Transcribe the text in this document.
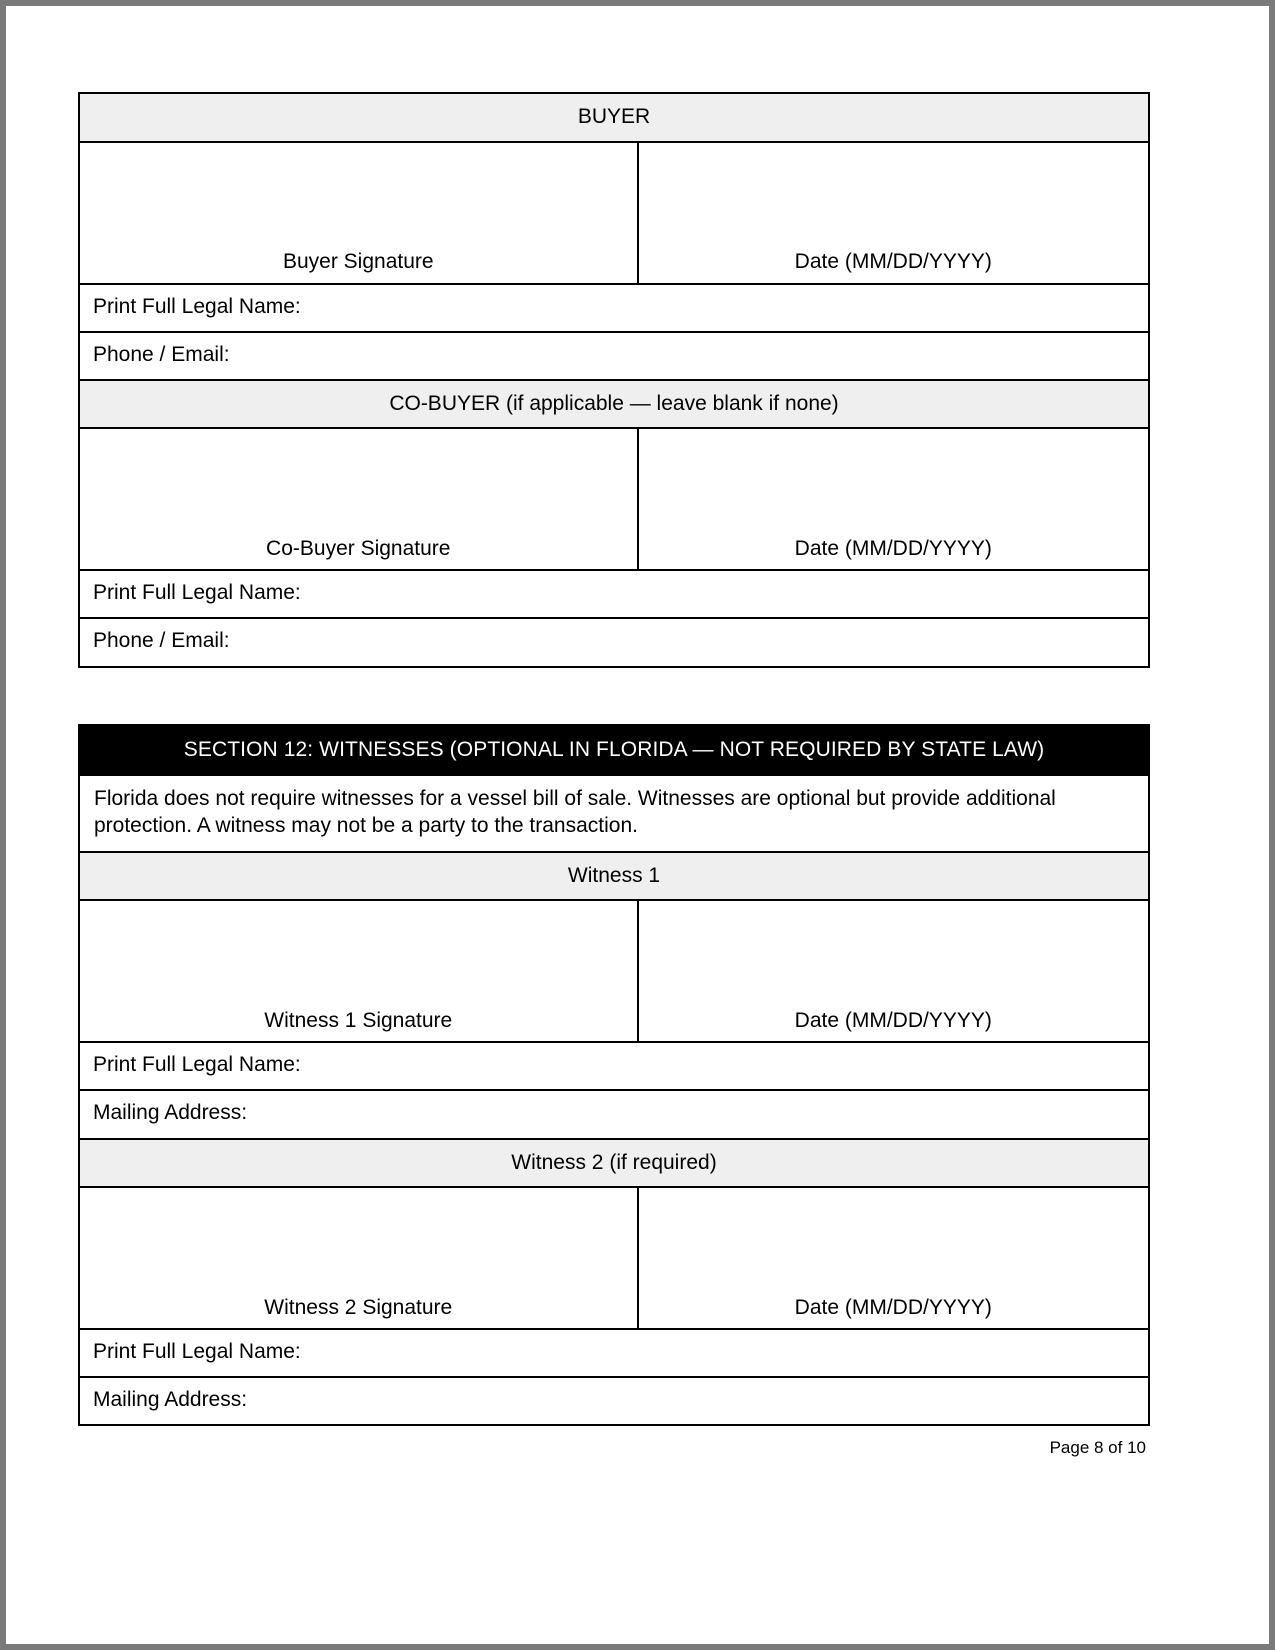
BUYER	

Buyer Signature	Date (MM/DD/YYYY)

Print Full Legal Name:	
Phone / Email:	
CO-BUYER (if applicable — leave blank if none)	

Co-Buyer Signature	Date (MM/DD/YYYY)

Print Full Legal Name:	
Phone / Email:	
SECTION 12: WITNESSES (OPTIONAL IN FLORIDA — NOT REQUIRED BY STATE LAW)	
Florida does not require witnesses for a vessel bill of sale. Witnesses are optional but provide additional protection. A witness may not be a party to the transaction.	
Witness 1	

Witness 1 Signature	Date (MM/DD/YYYY)

Print Full Legal Name:	
Mailing Address:	
Witness 2 (if required)	

Witness 2 Signature	Date (MM/DD/YYYY)

Print Full Legal Name:	
Mailing Address:	
Page 8 of 10
